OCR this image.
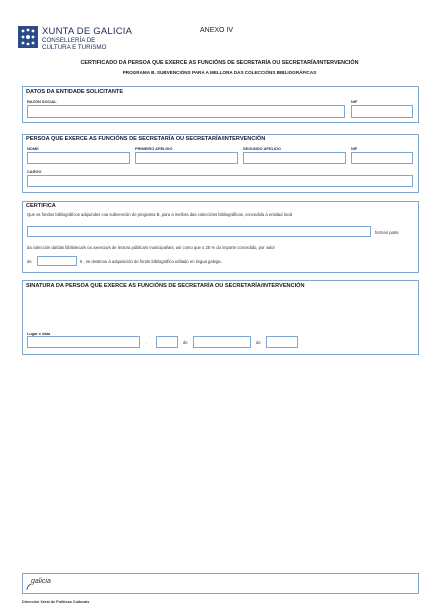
XUNTA DE GALICIA
CONSELLERÍA DE
CULTURA E TURISMO
ANEXO IV
CERTIFICADO DA PERSOA QUE EXERCE AS FUNCIÓNS DE SECRETARÍA OU SECRETARÍA/INTERVENCIÓN
PROGRAMA B. SUBVENCIÓNS PARA A MELLORA DAS COLECCIÓNS BIBLIOGRÁFICAS
DATOS DA ENTIDADE SOLICITANTE
RAZÓN SOCIAL	NIF
PERSOA QUE EXERCE AS FUNCIÓNS DE SECRETARÍA OU SECRETARÍA/INTERVENCIÓN
NOME	PRIMEIRO APELIDO	SEGUNDO APELIDO	NIF
CARGO
CERTIFICA
Que os fondos bibliográficos adquiridos coa subvención do programa B, para a mellora das coleccións bibliográficas, concedida á entidad local
forman parte
da colección da/das biblioteca/s ou axencia/s de lectura pública/s municipal/ais, así como que o 25 % do importe concedido, por valor
de	€ , se destinou á adquisición de fondo bibliográfico editado en lingua galega.
SINATURA DA PERSOA QUE EXERCE AS FUNCIÓNS DE SECRETARÍA OU SECRETARÍA/INTERVENCIÓN
Lugar e data
,	de	de
galicia
Dirección Xeral de Políticas Culturais
